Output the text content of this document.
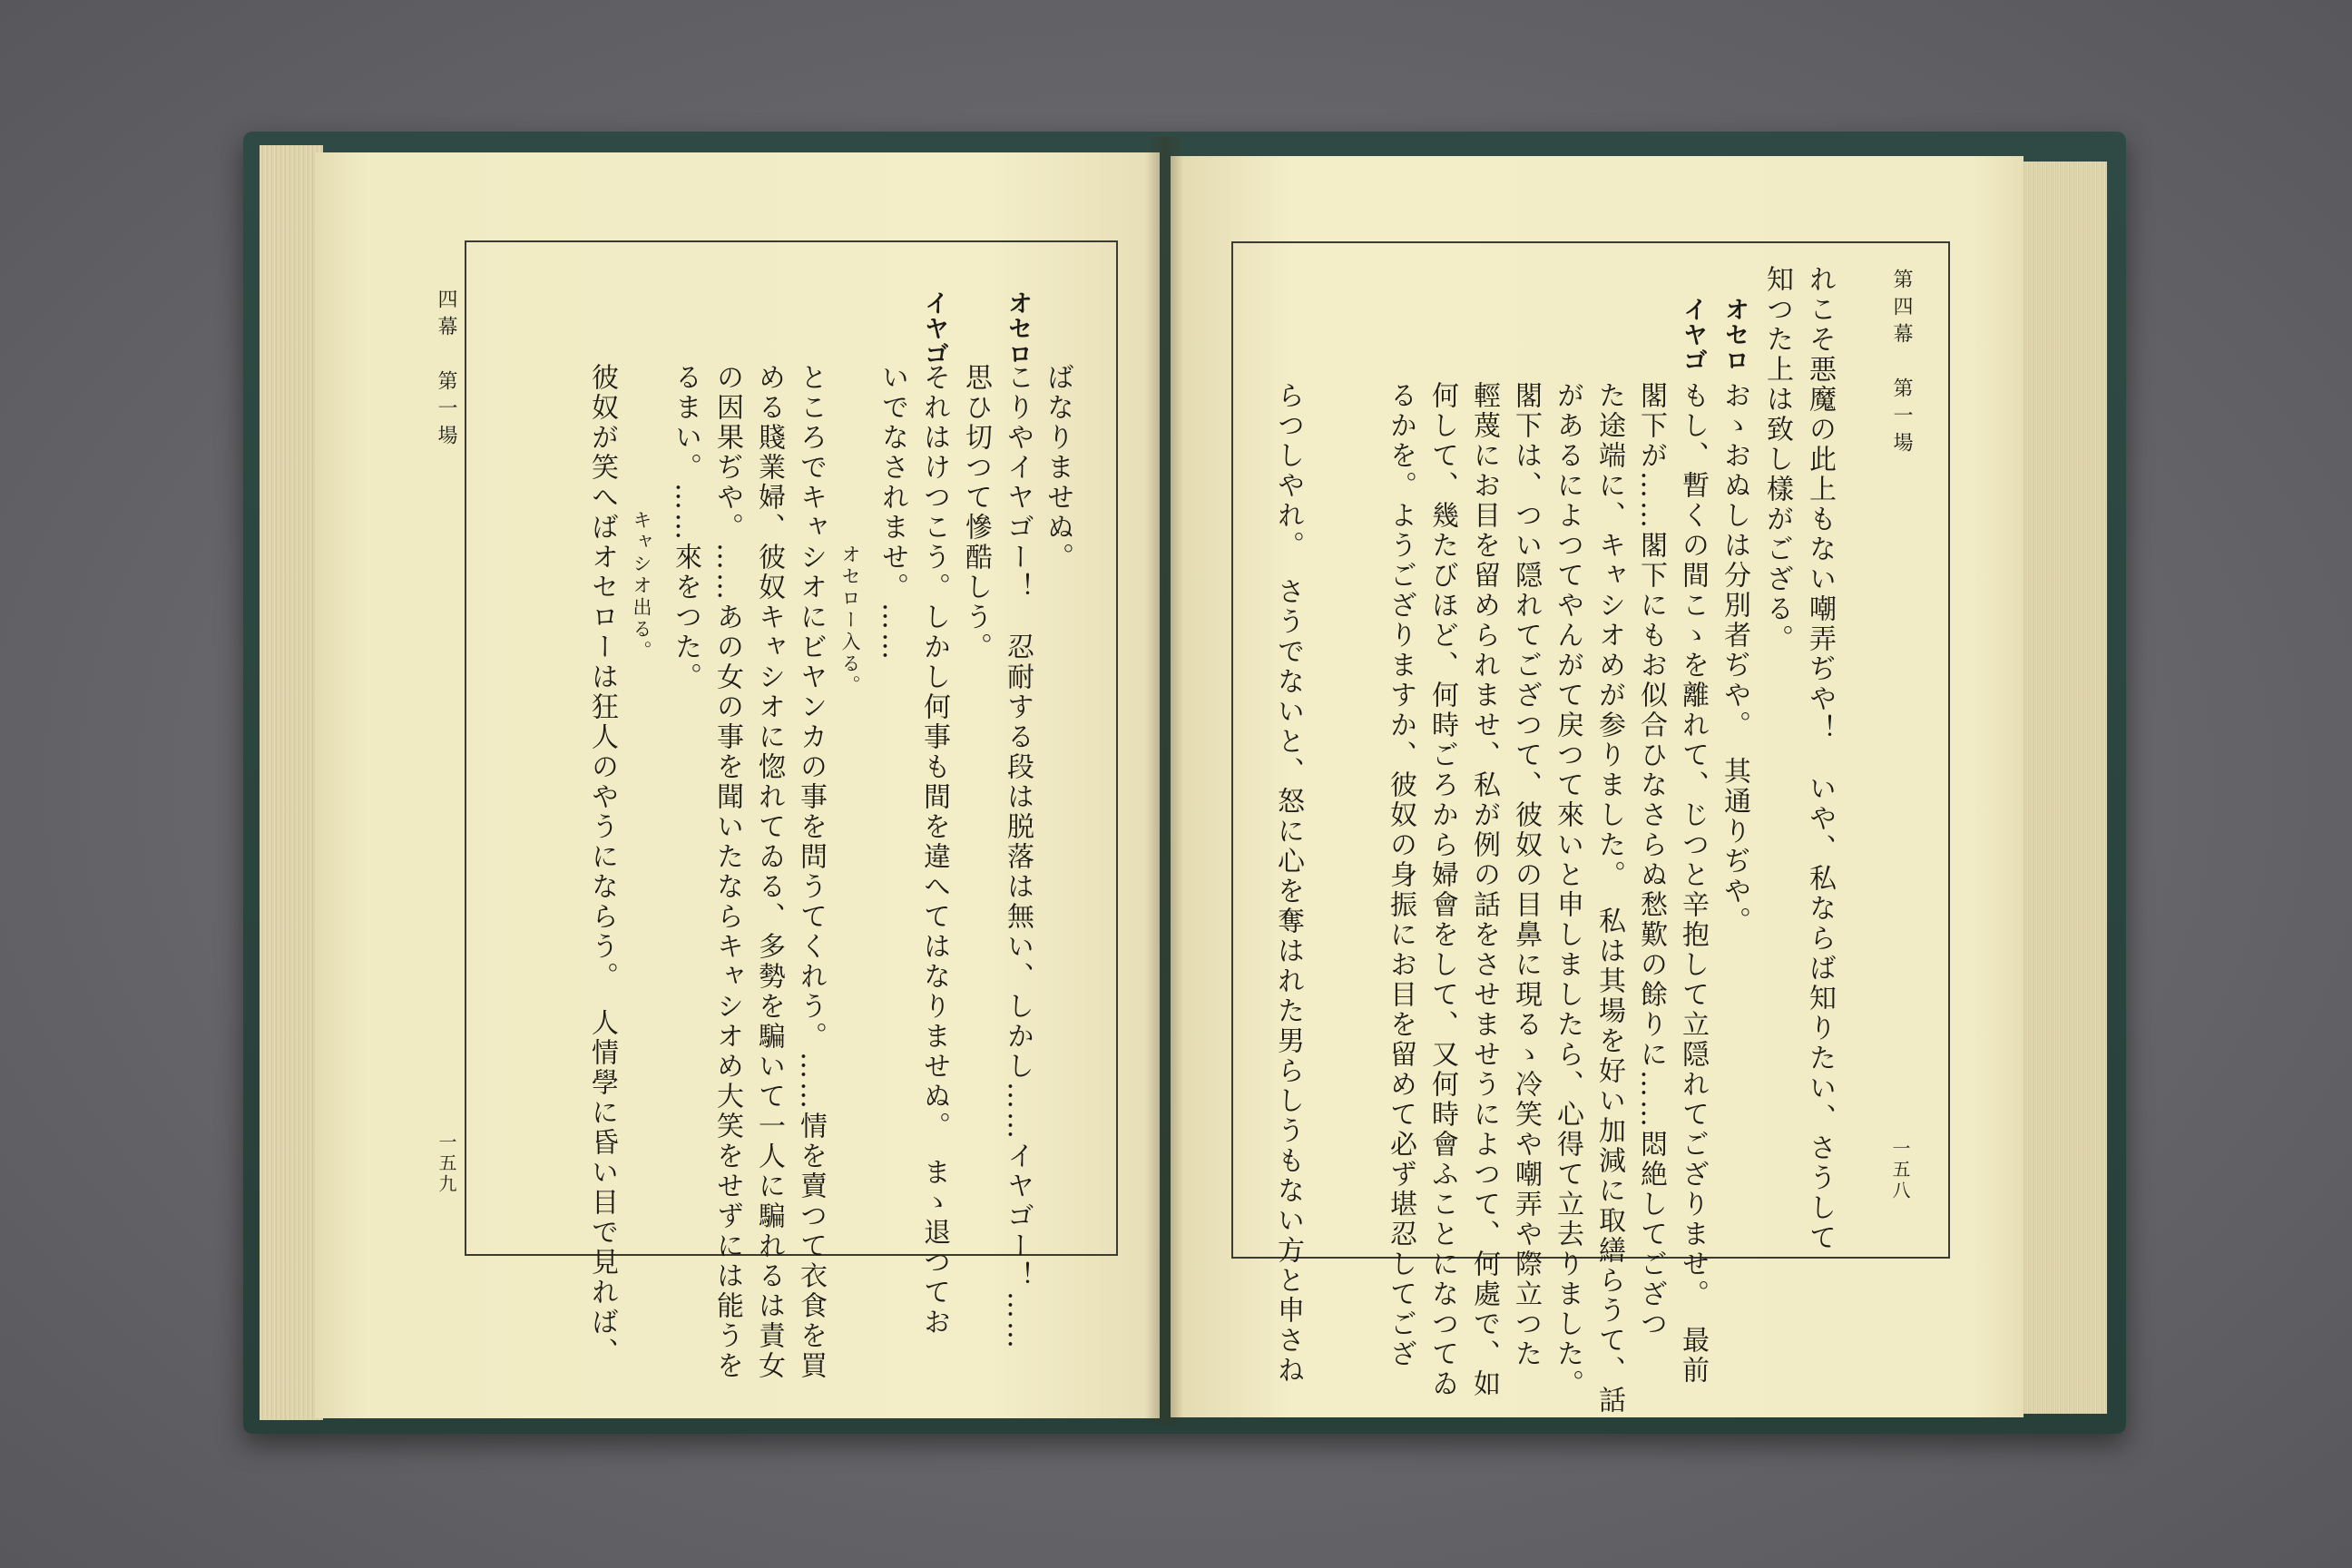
第四幕　第一場
一五八
れこそ悪魔の此上もない嘲弄ぢや！　いや、私ならば知りたい、さうして
知つた上は致し樣がござる。
オセロ
おゝおぬしは分別者ぢや。　其通りぢや。
イヤゴ
もし、暫くの間こゝを離れて、じつと辛抱して立隠れてござりませ。　最前
閣下が……閣下にもお似合ひなさらぬ愁歎の餘りに……悶絶してござつ
た途端に、キャシオめが参りました。　私は其場を好い加減に取繕らうて、話
があるによつてやんがて戻つて來いと申しましたら、心得て立去りました。
閣下は、つい隠れてござつて、彼奴の目鼻に現るゝ冷笑や嘲弄や際立つた
輕蔑にお目を留められませ、私が例の話をさせませうによつて、何處で、如
何して、幾たびほど、何時ごろから婦會をして、又何時會ふことになつてゐ
るかを。ようござりますか、彼奴の身振にお目を留めて必ず堪忍してござ
らつしやれ。　さうでないと、怒に心を奪はれた男らしうもない方と申さね
四幕　第一場
一五九
ばなりませぬ。
オセロ
こりやイヤゴー！　忍耐する段は脱落は無い、しかし……イヤゴー！……
思ひ切つて慘酷しう。
イヤゴ
それはけつこう。しかし何事も間を違へてはなりませぬ。　まゝ退つてお
いでなされませ。……
オセロー入る。
ところでキャシオにビヤンカの事を問うてくれう。……情を賣つて衣食を買
める賤業婦、彼奴キャシオに惚れてゐる、多勢を騙いて一人に騙れるは責女
の因果ぢや。……あの女の事を聞いたならキャシオめ大笑をせずには能うを
るまい。……來をつた。
キャシオ出る。
彼奴が笑へばオセローは狂人のやうにならう。　人情學に昏い目で見れば、
